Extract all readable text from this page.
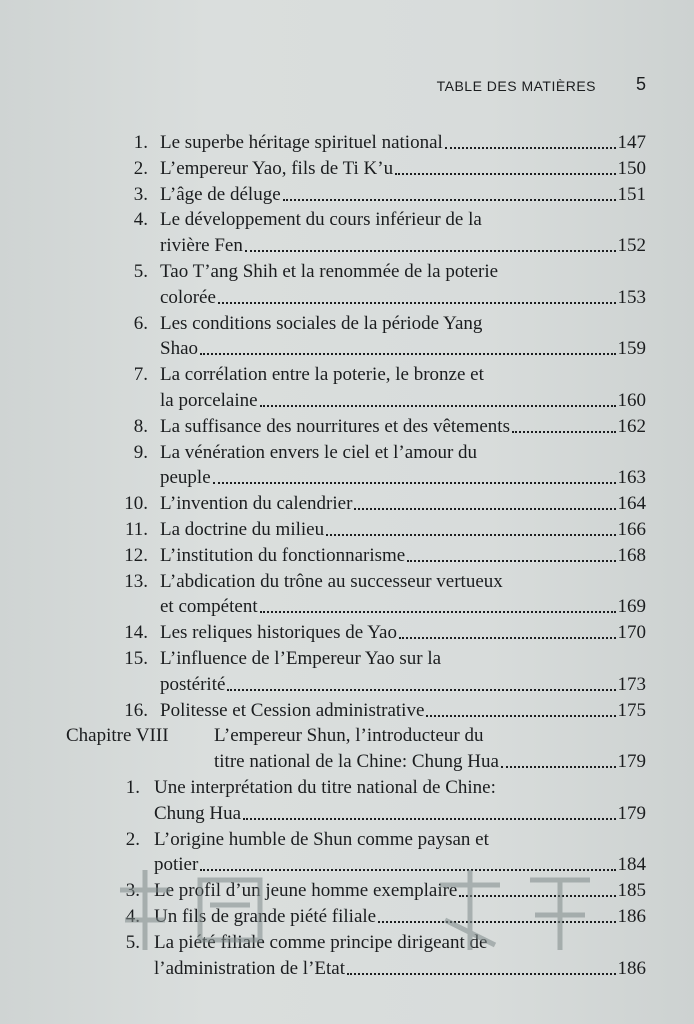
TABLE DES MATIÈRES 5
1. Le superbe héritage spirituel national	147
2. L’empereur Yao, fils de Ti K’u	150
3. L’âge de déluge	151
4. Le développement du cours inférieur de la
rivière Fen	152
5. Tao T’ang Shih et la renommée de la poterie
colorée	153
6. Les conditions sociales de la période Yang
Shao	159
7. La corrélation entre la poterie, le bronze et
la porcelaine	160
8. La suffisance des nourritures et des vêtements	162
9. La vénération envers le ciel et l’amour du
peuple	163
10. L’invention du calendrier	164
11. La doctrine du milieu	166
12. L’institution du fonctionnarisme	168
13. L’abdication du trône au successeur vertueux
et compétent	169
14. Les reliques historiques de Yao	170
15. L’influence de l’Empereur Yao sur la
postérité	173
16. Politesse et Cession administrative	175
Chapitre VIII L’empereur Shun, l’introducteur du
titre national de la Chine: Chung Hua	179
1. Une interprétation du titre national de Chine:
Chung Hua	179
2. L’origine humble de Shun comme paysan et
potier	184
3. Le profil d’un jeune homme exemplaire	185
4. Un fils de grande piété filiale	186
5. La piété filiale comme principe dirigeant de
l’administration de l’Etat	186
